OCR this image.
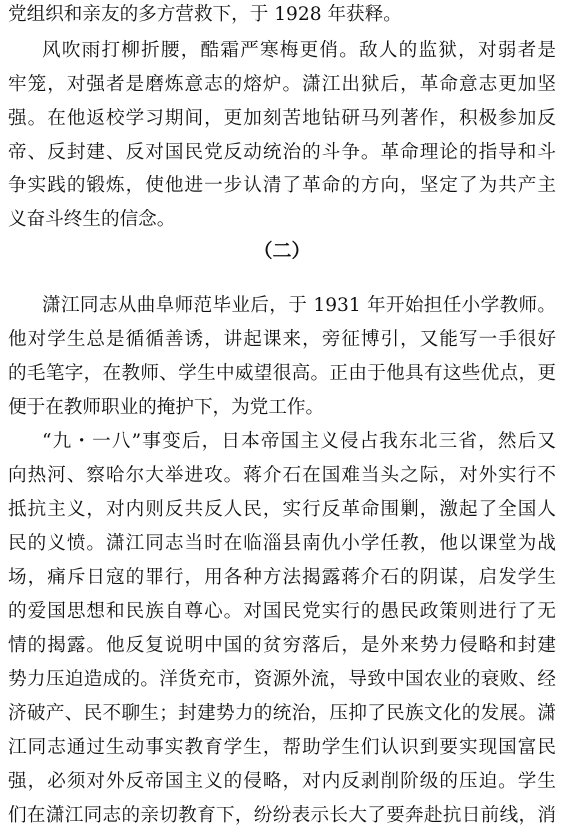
党组织和亲友的多方营救下，于 1928 年获释。
风吹雨打柳折腰，酷霜严寒梅更俏。敌人的监狱，对弱者是
牢笼，对强者是磨炼意志的熔炉。潇江出狱后，革命意志更加坚
强。在他返校学习期间，更加刻苦地钻研马列著作，积极参加反
帝、反封建、反对国民党反动统治的斗争。革命理论的指导和斗
争实践的锻炼，使他进一步认清了革命的方向，坚定了为共产主
义奋斗终生的信念。
（二）
潇江同志从曲阜师范毕业后，于 1931 年开始担任小学教师。
他对学生总是循循善诱，讲起课来，旁征博引，又能写一手很好
的毛笔字，在教师、学生中威望很高。正由于他具有这些优点，更
便于在教师职业的掩护下，为党工作。
“九・一八”事变后，日本帝国主义侵占我东北三省，然后又
向热河、察哈尔大举进攻。蒋介石在国难当头之际，对外实行不
抵抗主义，对内则反共反人民，实行反革命围剿，激起了全国人
民的义愤。潇江同志当时在临淄县南仇小学任教，他以课堂为战
场，痛斥日寇的罪行，用各种方法揭露蒋介石的阴谋，启发学生
的爱国思想和民族自尊心。对国民党实行的愚民政策则进行了无
情的揭露。他反复说明中国的贫穷落后，是外来势力侵略和封建
势力压迫造成的。洋货充市，资源外流，导致中国农业的衰败、经
济破产、民不聊生；封建势力的统治，压抑了民族文化的发展。潇
江同志通过生动事实教育学生，帮助学生们认识到要实现国富民
强，必须对外反帝国主义的侵略，对内反剥削阶级的压迫。学生
们在潇江同志的亲切教育下，纷纷表示长大了要奔赴抗日前线，消
